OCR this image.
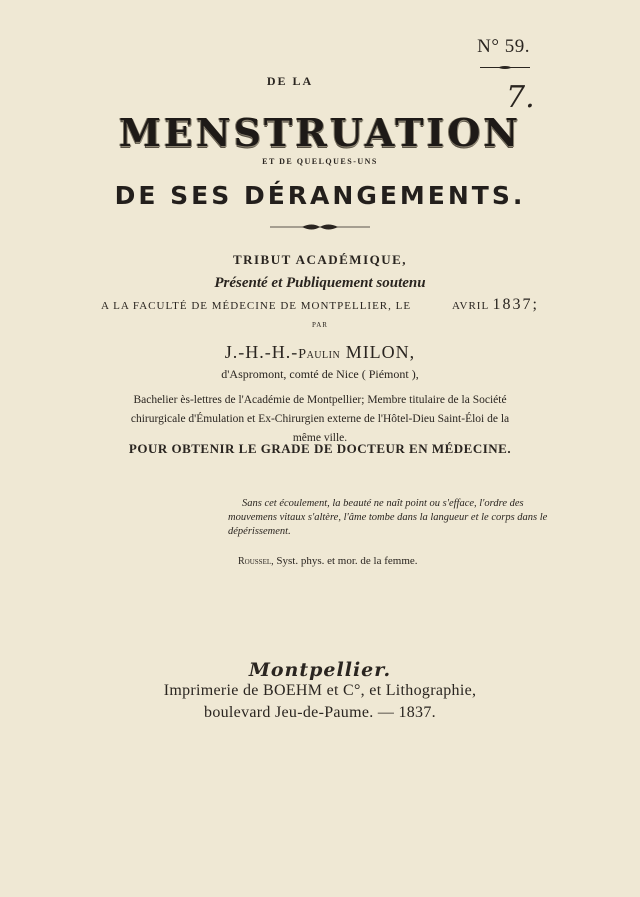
N° 59.
7.
DE LA
MENSTRUATION
ET DE QUELQUES-UNS
DE SES DÉRANGEMENTS.
TRIBUT ACADÉMIQUE,
Présenté et Publiquement soutenu
A LA FACULTÉ DE MÉDECINE DE MONTPELLIER, LE	AVRIL 1837;
PAR
J.-H.-H.-Paulin MILON,
d'Aspromont, comté de Nice ( Piémont ),
Bachelier ès-lettres de l'Académie de Montpellier; Membre titulaire de la Société chirurgicale d'Émulation et Ex-Chirurgien externe de l'Hôtel-Dieu Saint-Éloi de la même ville.
POUR OBTENIR LE GRADE DE DOCTEUR EN MÉDECINE.
Sans cet écoulement, la beauté ne naît point ou s'efface, l'ordre des mouvemens vitaux s'altère, l'âme tombe dans la langueur et le corps dans le dépérissement.
Roussel, Syst. phys. et mor. de la femme.
Montpellier.
Imprimerie de BOEHM et C°, et Lithographie,
boulevard Jeu-de-Paume. — 1837.
